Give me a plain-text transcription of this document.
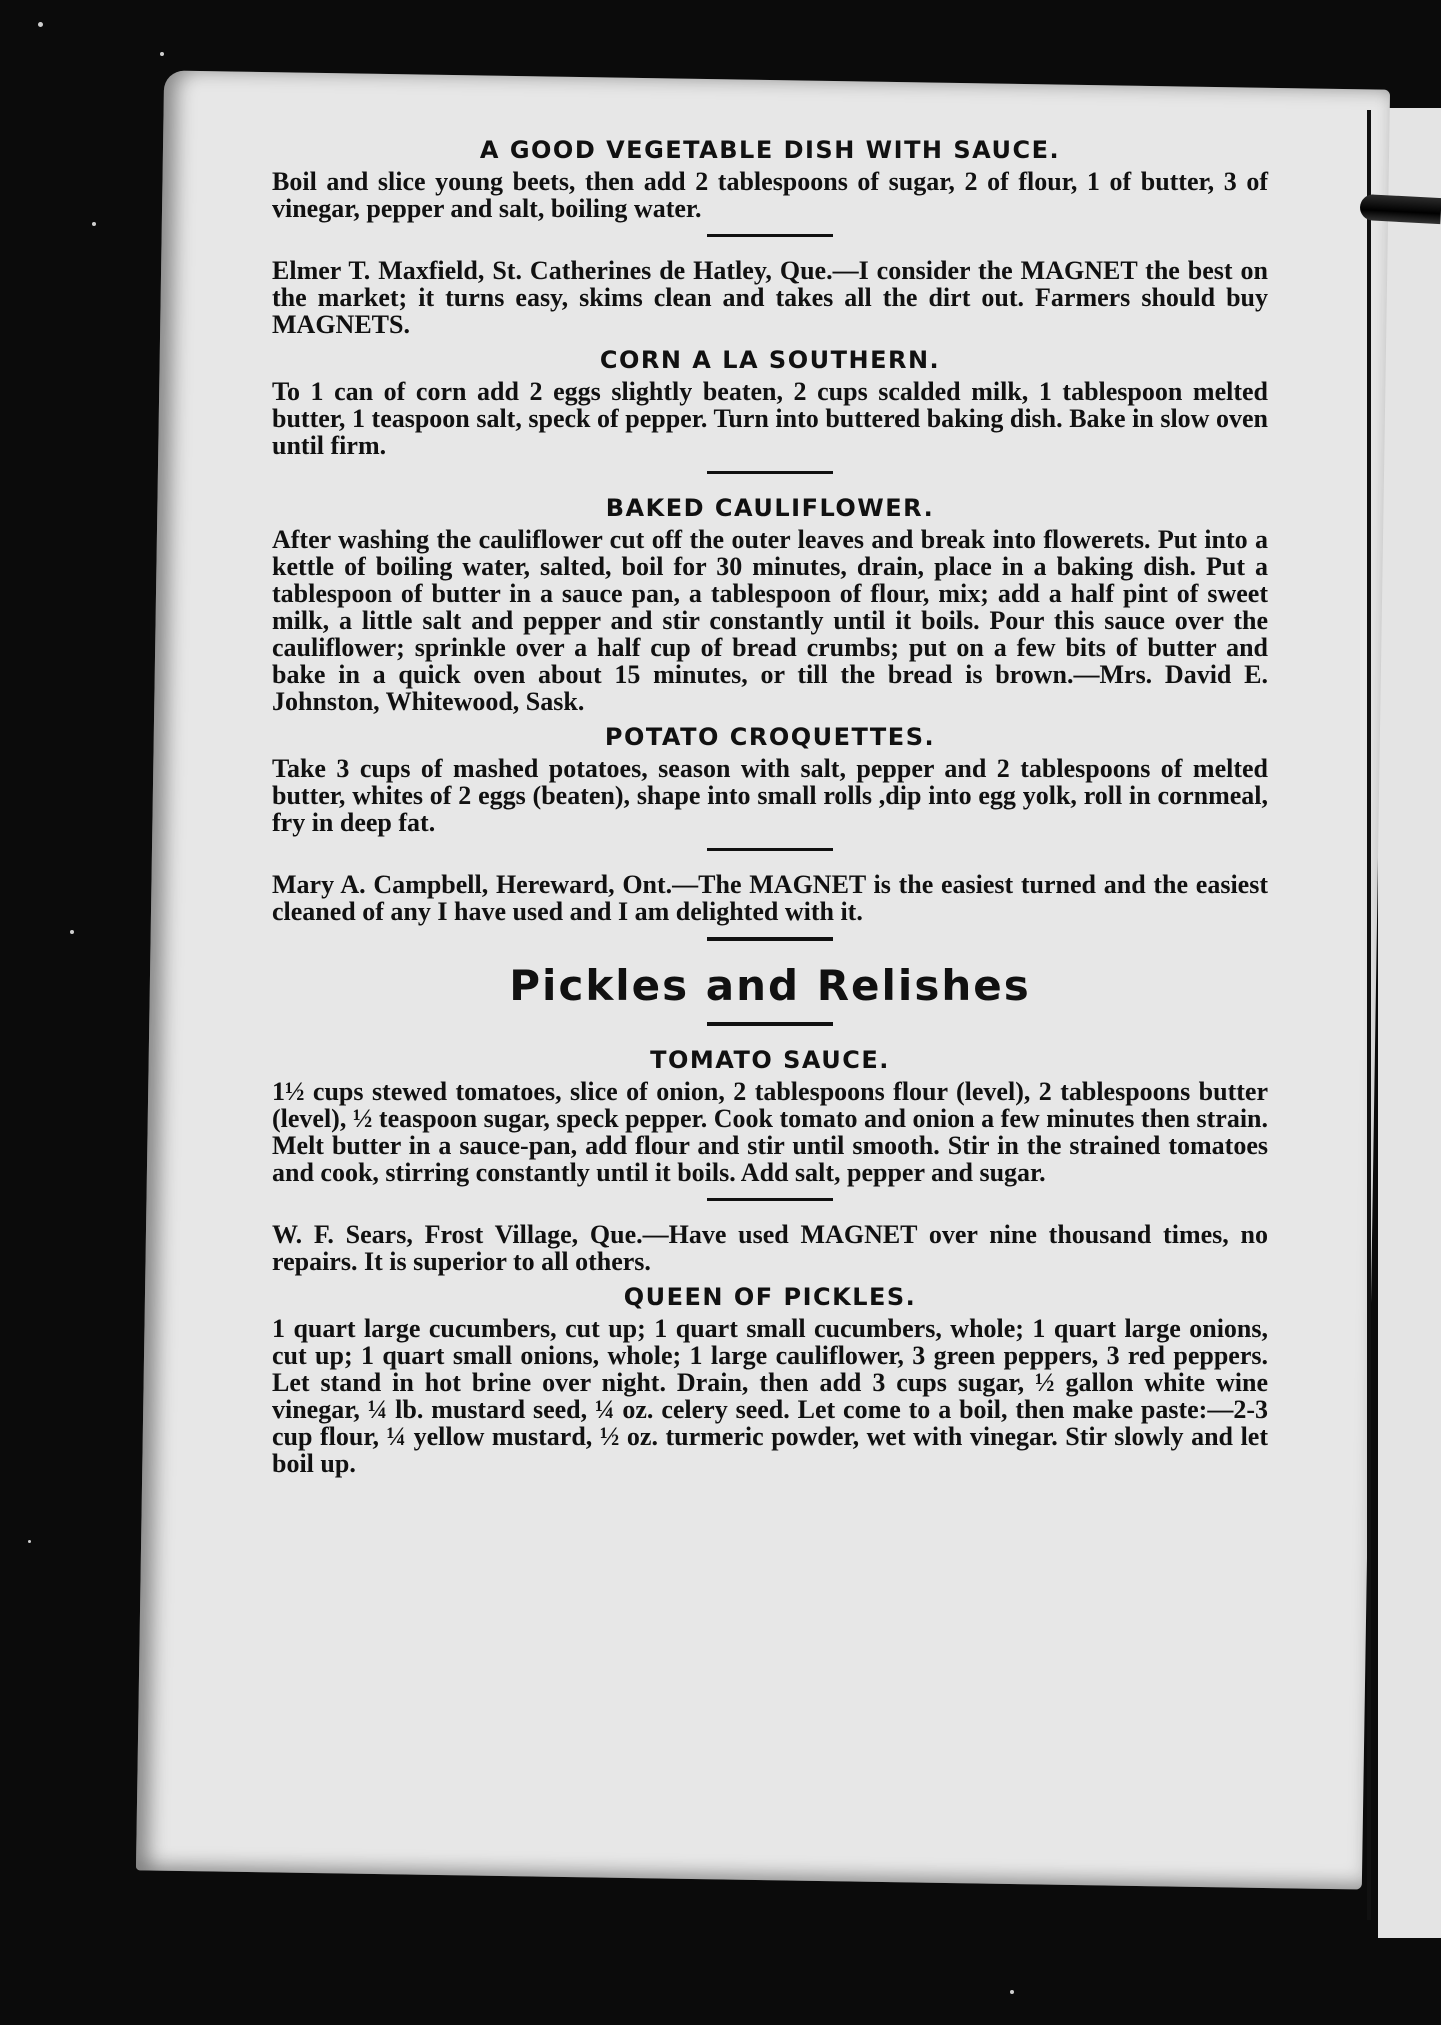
A GOOD VEGETABLE DISH WITH SAUCE.

Boil and slice young beets, then add 2 tablespoons of sugar, 2 of flour, 1 of butter, 3 of vinegar, pepper and salt, boiling water.

Elmer T. Maxfield, St. Catherines de Hatley, Que.—I consider the MAGNET the best on the market; it turns easy, skims clean and takes all the dirt out. Farmers should buy MAGNETS.

CORN A LA SOUTHERN.

To 1 can of corn add 2 eggs slightly beaten, 2 cups scalded milk, 1 tablespoon melted butter, 1 teaspoon salt, speck of pepper. Turn into buttered baking dish. Bake in slow oven until firm.

BAKED CAULIFLOWER.

After washing the cauliflower cut off the outer leaves and break into flowerets. Put into a kettle of boiling water, salted, boil for 30 minutes, drain, place in a baking dish. Put a tablespoon of butter in a sauce pan, a tablespoon of flour, mix; add a half pint of sweet milk, a little salt and pepper and stir constantly until it boils. Pour this sauce over the cauliflower; sprinkle over a half cup of bread crumbs; put on a few bits of butter and bake in a quick oven about 15 minutes, or till the bread is brown.—Mrs. David E. Johnston, Whitewood, Sask.

POTATO CROQUETTES.

Take 3 cups of mashed potatoes, season with salt, pepper and 2 tablespoons of melted butter, whites of 2 eggs (beaten), shape into small rolls ,dip into egg yolk, roll in cornmeal, fry in deep fat.

Mary A. Campbell, Hereward, Ont.—The MAGNET is the easiest turned and the easiest cleaned of any I have used and I am delighted with it.

Pickles and Relishes
TOMATO SAUCE.

1½ cups stewed tomatoes, slice of onion, 2 tablespoons flour (level), 2 tablespoons butter (level), ½ teaspoon sugar, speck pepper. Cook tomato and onion a few minutes then strain. Melt butter in a sauce-pan, add flour and stir until smooth. Stir in the strained tomatoes and cook, stirring constantly until it boils. Add salt, pepper and sugar.

W. F. Sears, Frost Village, Que.—Have used MAGNET over nine thousand times, no repairs. It is superior to all others.

QUEEN OF PICKLES.

1 quart large cucumbers, cut up; 1 quart small cucumbers, whole; 1 quart large onions, cut up; 1 quart small onions, whole; 1 large cauliflower, 3 green peppers, 3 red peppers. Let stand in hot brine over night. Drain, then add 3 cups sugar, ½ gallon white wine vinegar, ¼ lb. mustard seed, ¼ oz. celery seed. Let come to a boil, then make paste:—2-3 cup flour, ¼ yellow mustard, ½ oz. turmeric powder, wet with vinegar. Stir slowly and let boil up.
